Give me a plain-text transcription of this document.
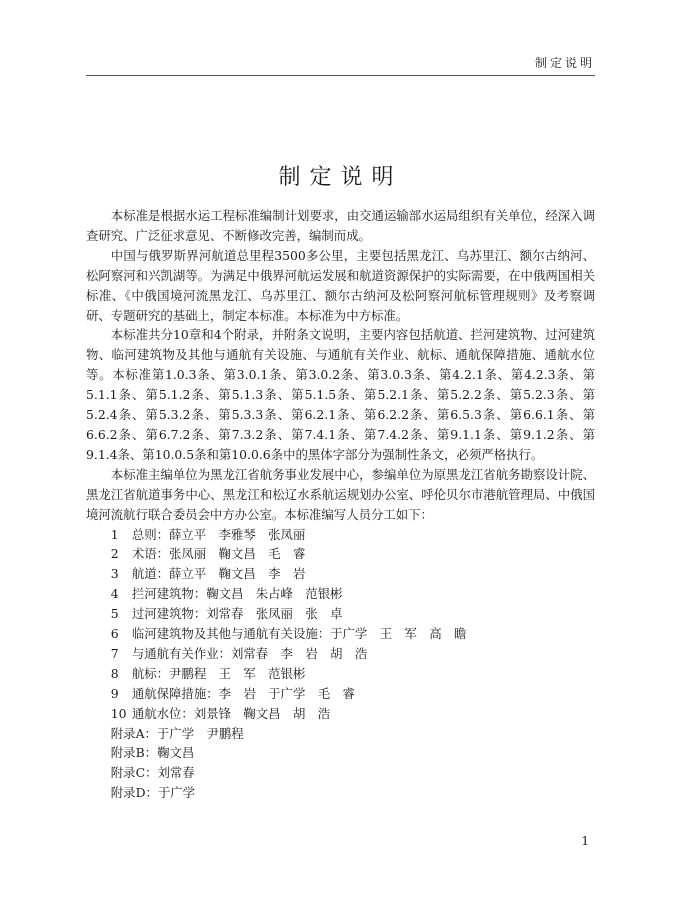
制定说明
制定说明

本标准是根据水运工程标准编制计划要求，由交通运输部水运局组织有关单位，经深入调查研究、广泛征求意见、不断修改完善，编制而成。

中国与俄罗斯界河航道总里程3500多公里，主要包括黑龙江、乌苏里江、额尔古纳河、松阿察河和兴凯湖等。为满足中俄界河航运发展和航道资源保护的实际需要，在中俄两国相关标准、《中俄国境河流黑龙江、乌苏里江、额尔古纳河及松阿察河航标管理规则》及考察调研、专题研究的基础上，制定本标准。本标准为中方标准。

本标准共分10章和4个附录，并附条文说明，主要内容包括航道、拦河建筑物、过河建筑物、临河建筑物及其他与通航有关设施、与通航有关作业、航标、通航保障措施、通航水位等。本标准第1.0.3条、第3.0.1条、第3.0.2条、第3.0.3条、第4.2.1条、第4.2.3条、第5.1.1条、第5.1.2条、第5.1.3条、第5.1.5条、第5.2.1条、第5.2.2条、第5.2.3条、第5.2.4条、第5.3.2条、第5.3.3条、第6.2.1条、第6.2.2条、第6.5.3条、第6.6.1条、第6.6.2条、第6.7.2条、第7.3.2条、第7.4.1条、第7.4.2条、第9.1.1条、第9.1.2条、第9.1.4条、第10.0.5条和第10.0.6条中的黑体字部分为强制性条文，必须严格执行。

本标准主编单位为黑龙江省航务事业发展中心，参编单位为原黑龙江省航务勘察设计院、黑龙江省航道事务中心、黑龙江和松辽水系航运规划办公室、呼伦贝尔市港航管理局、中俄国境河流航行联合委员会中方办公室。本标准编写人员分工如下：

1 总则：薛立平　李雅琴　张凤丽
2 术语：张凤丽　鞠文昌　毛　睿
3 航道：薛立平　鞠文昌　李　岩
4 拦河建筑物：鞠文昌　朱占峰　范银彬
5 过河建筑物：刘常春　张凤丽　张　卓
6 临河建筑物及其他与通航有关设施：于广学　王　军　高　瞻
7 与通航有关作业：刘常春　李　岩　胡　浩
8 航标：尹鹏程　王　军　范银彬
9 通航保障措施：李　岩　于广学　毛　睿
10 通航水位：刘景锋　鞠文昌　胡　浩
附录A：于广学　尹鹏程
附录B：鞠文昌
附录C：刘常春
附录D：于广学
1
